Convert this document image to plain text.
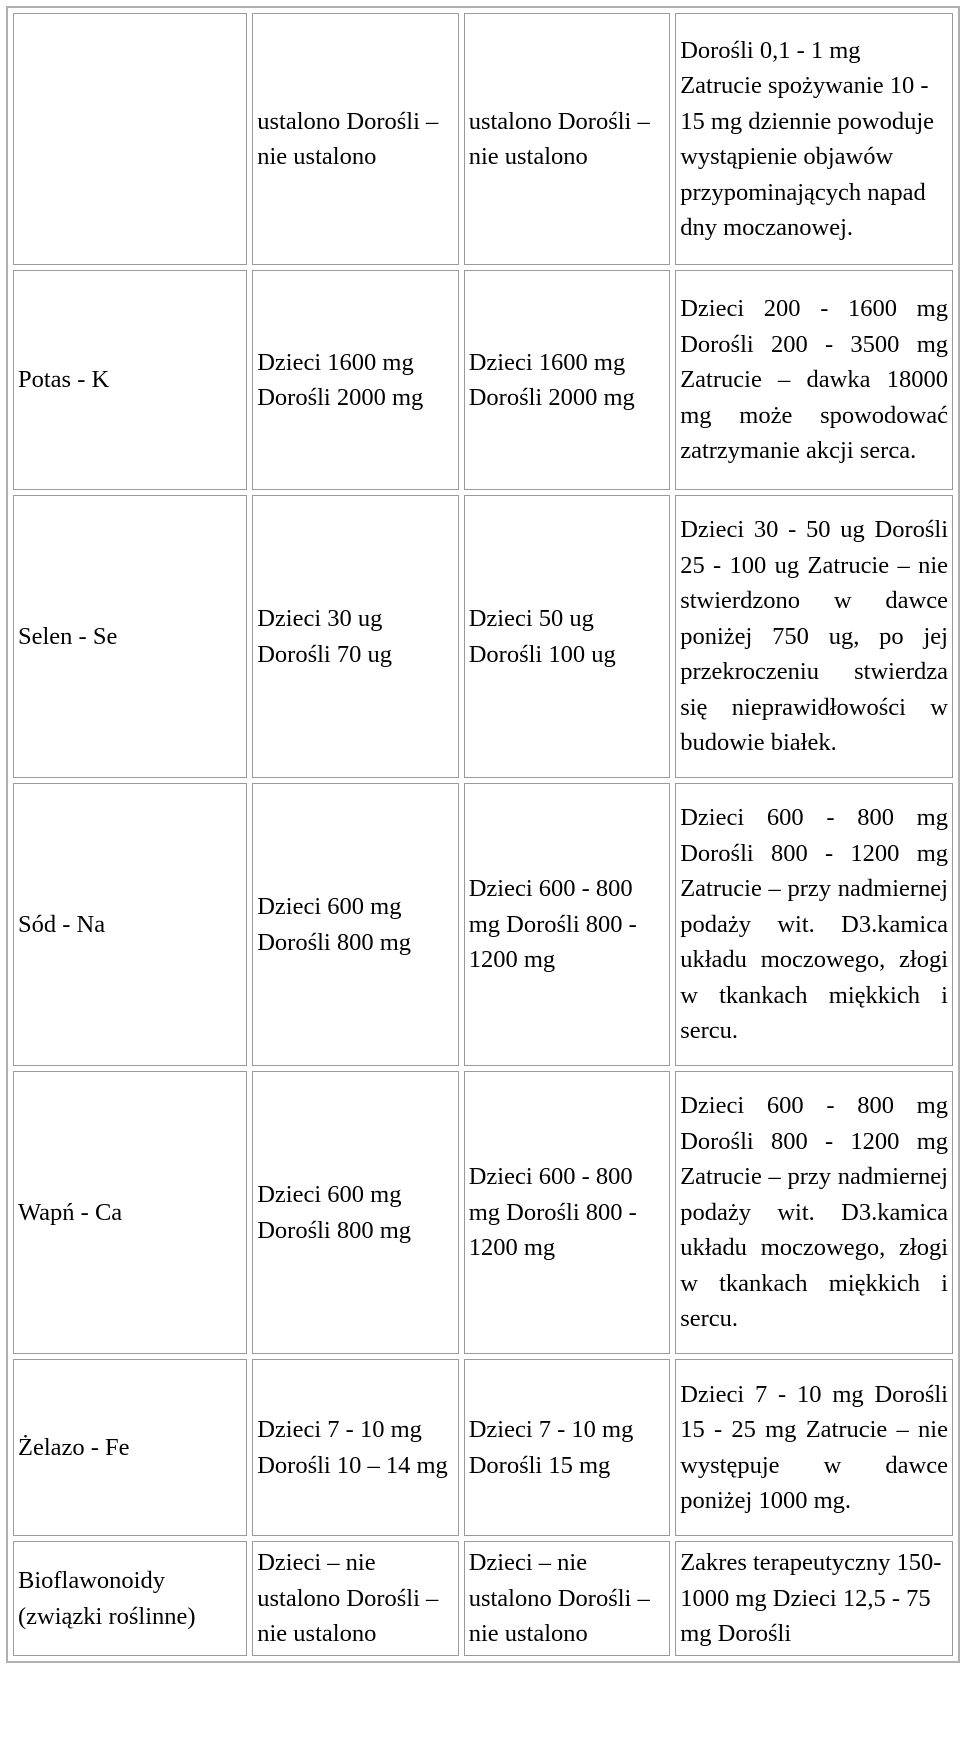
	ustalono Dorośli – nie ustalono	ustalono Dorośli – nie ustalono	Dorośli 0,1 - 1 mg Zatrucie spożywanie 10 - 15 mg dziennie powoduje wystąpienie objawów przypominających napad dny moczanowej.
Potas - K	Dzieci 1600 mg Dorośli 2000 mg	Dzieci 1600 mg Dorośli 2000 mg	Dzieci 200 - 1600 mg Dorośli 200 - 3500 mg Zatrucie – dawka 18000 mg może spowodować zatrzymanie akcji serca.
Selen - Se	Dzieci 30 ug Dorośli 70 ug	Dzieci 50 ug Dorośli 100 ug	Dzieci 30 - 50 ug Dorośli 25 - 100 ug Zatrucie – nie stwierdzono w dawce poniżej 750 ug, po jej przekroczeniu stwierdza się nieprawidłowości w budowie białek.
Sód - Na	Dzieci 600 mg Dorośli 800 mg	Dzieci 600 - 800 mg Dorośli 800 - 1200 mg	Dzieci 600 - 800 mg Dorośli 800 - 1200 mg Zatrucie – przy nadmiernej podaży wit. D3.kamica układu moczowego, złogi w tkankach miękkich i sercu.
Wapń - Ca	Dzieci 600 mg Dorośli 800 mg	Dzieci 600 - 800 mg Dorośli 800 - 1200 mg	Dzieci 600 - 800 mg Dorośli 800 - 1200 mg Zatrucie – przy nadmiernej podaży wit. D3.kamica układu moczowego, złogi w tkankach miękkich i sercu.
Żelazo - Fe	Dzieci 7 - 10 mg Dorośli 10 – 14 mg	Dzieci 7 - 10 mg Dorośli 15 mg	Dzieci 7 - 10 mg Dorośli 15 - 25 mg Zatrucie – nie występuje w dawce poniżej 1000 mg.
Bioflawonoidy (związki roślinne)	Dzieci – nie ustalono Dorośli – nie ustalono	Dzieci – nie ustalono Dorośli – nie ustalono	Zakres terapeutyczny 150-1000 mg Dzieci 12,5 - 75 mg Dorośli
